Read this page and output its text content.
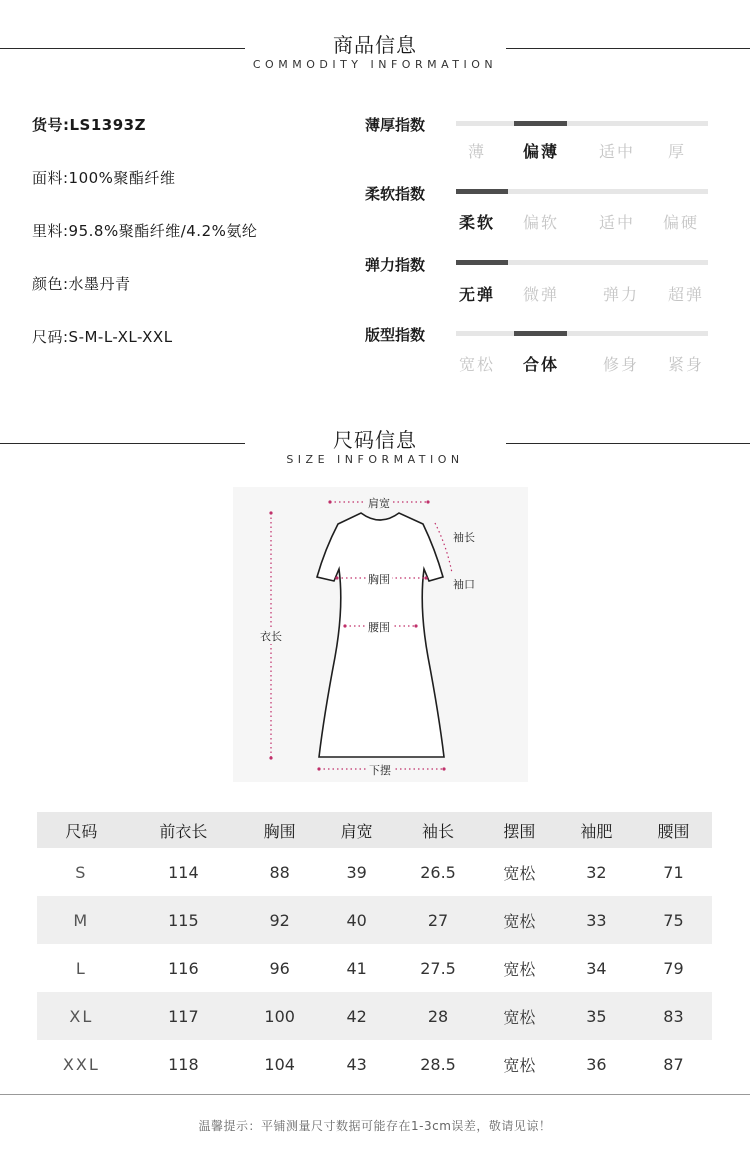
商品信息
COMMODITY INFORMATION
货号:LS1393Z
面料:100%聚酯纤维
里料:95.8%聚酯纤维/4.2%氨纶
颜色:水墨丹青
尺码:S-M-L-XL-XXL
薄厚指数
薄	偏薄	适中	厚
柔软指数
柔软	偏软	适中	偏硬
弹力指数
无弹	微弹	弹力	超弹
版型指数
宽松	合体	修身	紧身
尺码信息
SIZE INFORMATION
肩宽
袖长
袖口
胸围
腰围
衣长
下摆
尺码	前衣长	胸围	肩宽	袖长	摆围	袖肥	腰围
S	114	88	39	26.5	宽松	32	71
M	115	92	40	27	宽松	33	75
L	116	96	41	27.5	宽松	34	79
XL	117	100	42	28	宽松	35	83
XXL	118	104	43	28.5	宽松	36	87
温馨提示：平铺测量尺寸数据可能存在1-3cm误差，敬请见谅！
